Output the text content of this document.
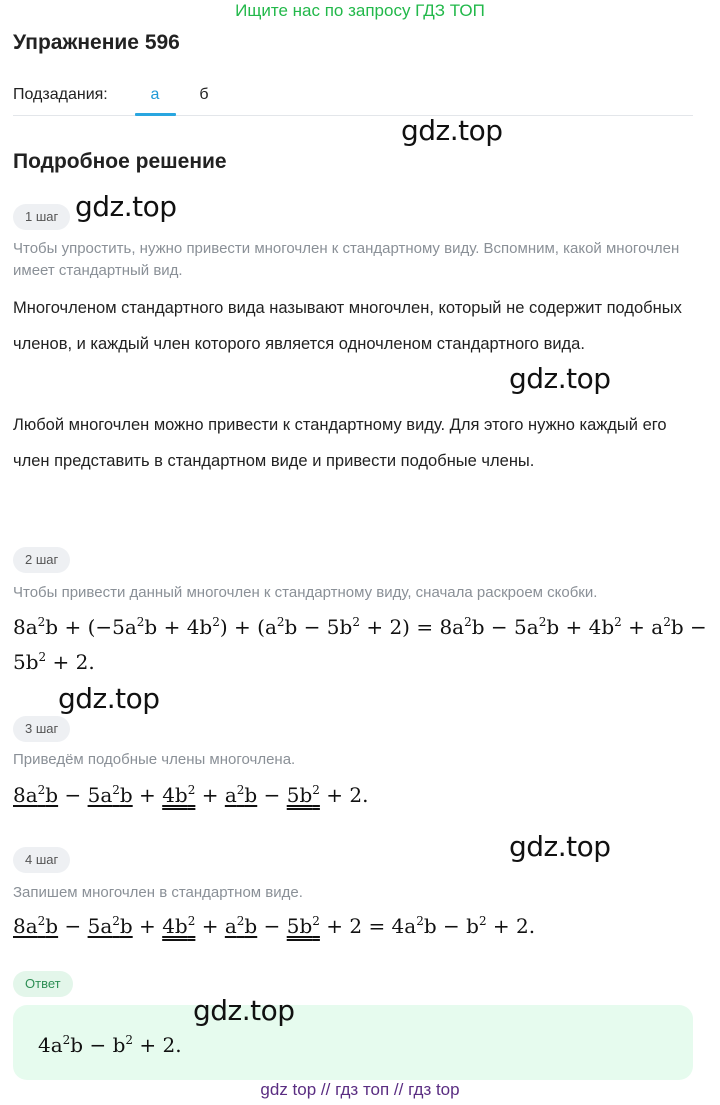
Ищите нас по запросу ГДЗ ТОП
Упражнение 596
Подзадания:	а	б
gdz.top
Подробное решение
1 шаг gdz.top
Чтобы упростить, нужно привести многочлен к стандартному виду. Вспомним, какой многочлен имеет стандартный вид.
Многочленом стандартного вида называют многочлен, который не содержит подобных членов, и каждый член которого является одночленом стандартного вида.
gdz.top
Любой многочлен можно привести к стандартному виду. Для этого нужно каждый его член представить в стандартном виде и привести подобные члены.
2 шаг
Чтобы привести данный многочлен к стандартному виду, сначала раскроем скобки.
$8a^2b + (-5a^2b + 4b^2) + (a^2b - 5b^2 + 2) = 8a^2b - 5a^2b + 4b^2 + a^2b$ −
$5b^2 + 2$.
gdz.top
3 шаг
Приведём подобные члены многочлена.
$8a^2b - 5a^2b + 4b^2 + a^2b - 5b^2 + 2$.
gdz.top
4 шаг
Запишем многочлен в стандартном виде.
$8a^2b - 5a^2b + 4b^2 + a^2b - 5b^2 + 2 = 4a^2b - b^2 + 2$.
Ответ
gdz.top
$4a^2b - b^2 + 2$.
gdz top // гдз топ // гдз top
